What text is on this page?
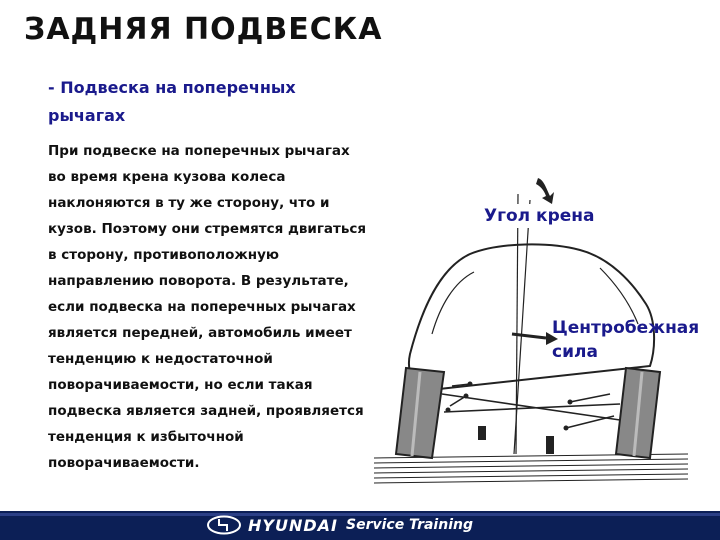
ЗАДНЯЯ ПОДВЕСКА
- Подвеска на поперечных рычагах
При подвеске на поперечных рычагах во время крена кузова колеса наклоняются в ту же сторону, что и кузов. Поэтому они стремятся двигаться в сторону, противоположную направлению поворота. В результате, если подвеска на поперечных рычагах является передней, автомобиль имеет тенденцию к недостаточной поворачиваемости, но если такая подвеска является задней, проявляется тенденция к избыточной поворачиваемости.
Угол крена
Центробежная
сила
HYUNDAI Service Training
